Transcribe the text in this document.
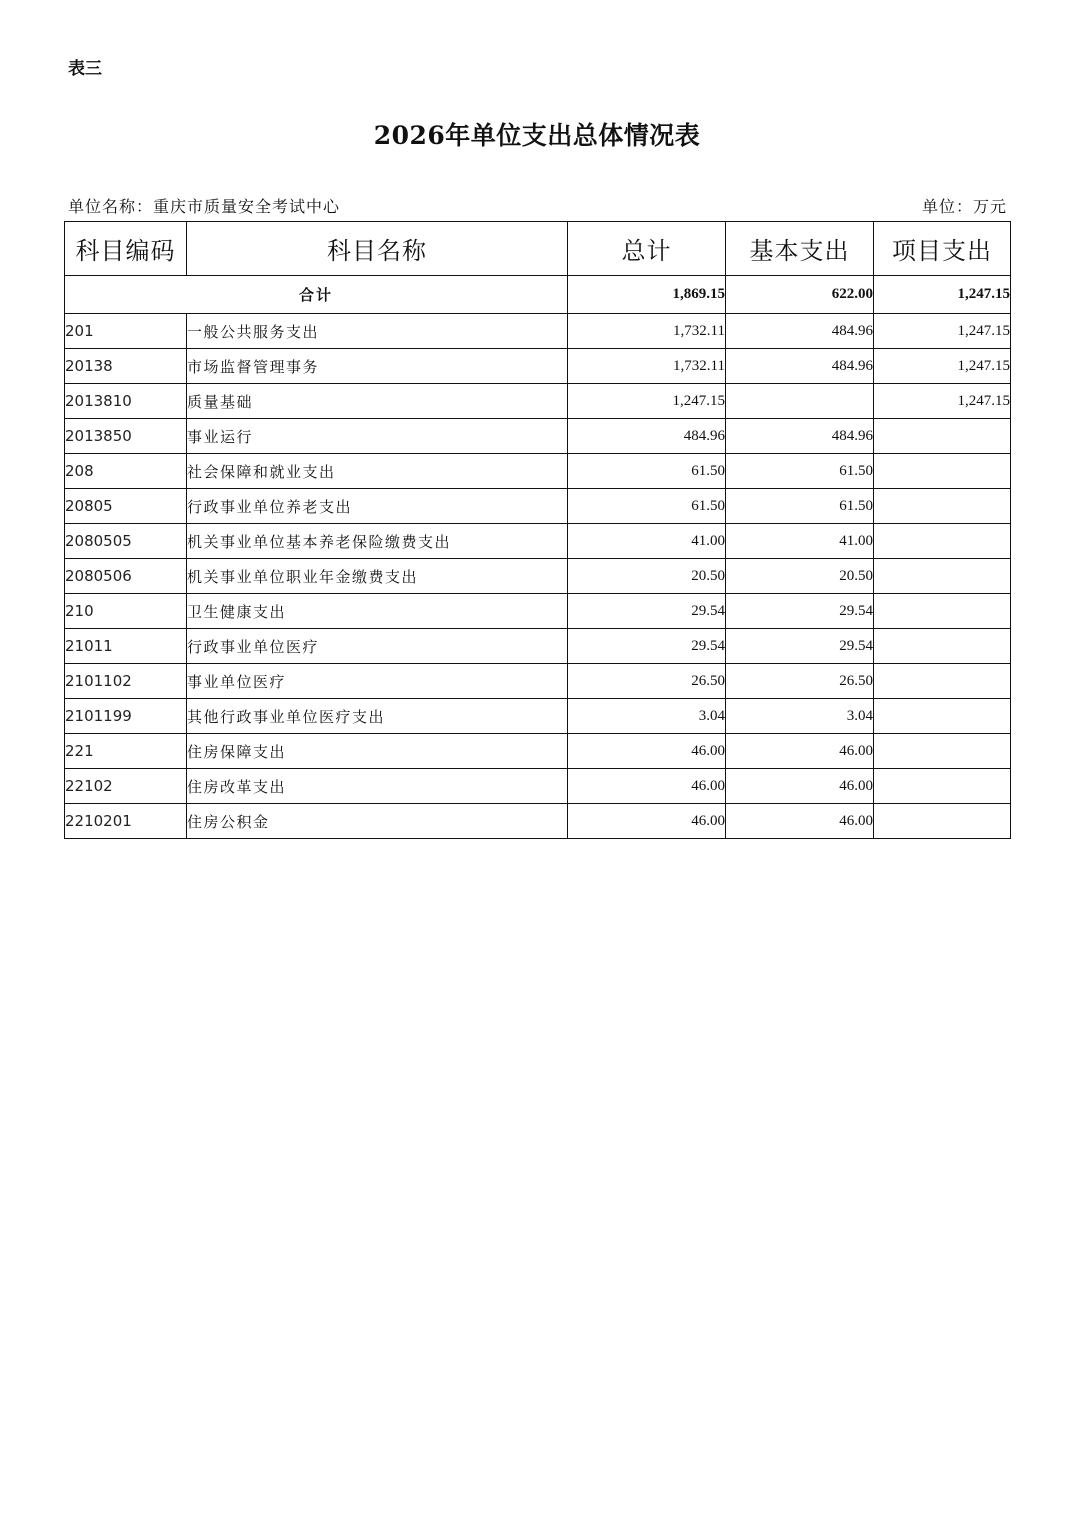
表三
2026年单位支出总体情况表
单位名称：重庆市质量安全考试中心	单位：万元
科目编码	科目名称	总计	基本支出	项目支出
合计		1,869.15	622.00	1,247.15
201	一般公共服务支出	1,732.11	484.96	1,247.15
20138	市场监督管理事务	1,732.11	484.96	1,247.15
2013810	质量基础	1,247.15		1,247.15
2013850	事业运行	484.96	484.96	
208	社会保障和就业支出	61.50	61.50	
20805	行政事业单位养老支出	61.50	61.50	
2080505	机关事业单位基本养老保险缴费支出	41.00	41.00	
2080506	机关事业单位职业年金缴费支出	20.50	20.50	
210	卫生健康支出	29.54	29.54	
21011	行政事业单位医疗	29.54	29.54	
2101102	事业单位医疗	26.50	26.50	
2101199	其他行政事业单位医疗支出	3.04	3.04	
221	住房保障支出	46.00	46.00	
22102	住房改革支出	46.00	46.00	
2210201	住房公积金	46.00	46.00	
